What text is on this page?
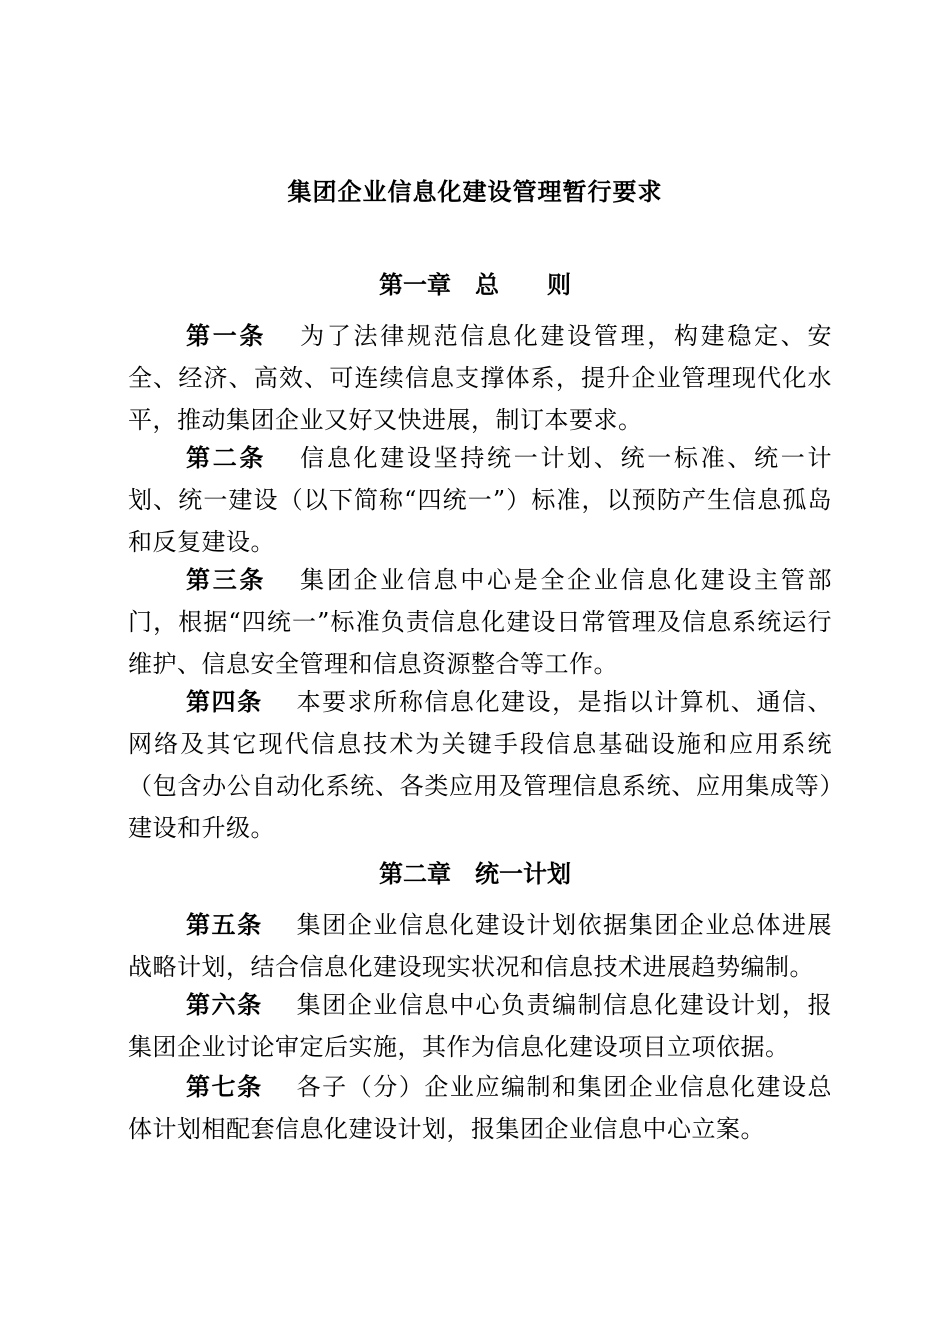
集团企业信息化建设管理暂行要求
第一章　总　　则

第一条 为了法律规范信息化建设管理，构建稳定、安全、经济、高效、可连续信息支撑体系，提升企业管理现代化水平，推动集团企业又好又快进展，制订本要求。

第二条 信息化建设坚持统一计划、统一标准、统一计划、统一建设（以下简称“四统一”）标准，以预防产生信息孤岛和反复建设。

第三条 集团企业信息中心是全企业信息化建设主管部门，根据“四统一”标准负责信息化建设日常管理及信息系统运行维护、信息安全管理和信息资源整合等工作。

第四条 本要求所称信息化建设，是指以计算机、通信、网络及其它现代信息技术为关键手段信息基础设施和应用系统（包含办公自动化系统、各类应用及管理信息系统、应用集成等）建设和升级。

第二章　统一计划

第五条 集团企业信息化建设计划依据集团企业总体进展战略计划，结合信息化建设现实状况和信息技术进展趋势编制。

第六条 集团企业信息中心负责编制信息化建设计划，报集团企业讨论审定后实施，其作为信息化建设项目立项依据。

第七条 各子（分）企业应编制和集团企业信息化建设总体计划相配套信息化建设计划，报集团企业信息中心立案。
